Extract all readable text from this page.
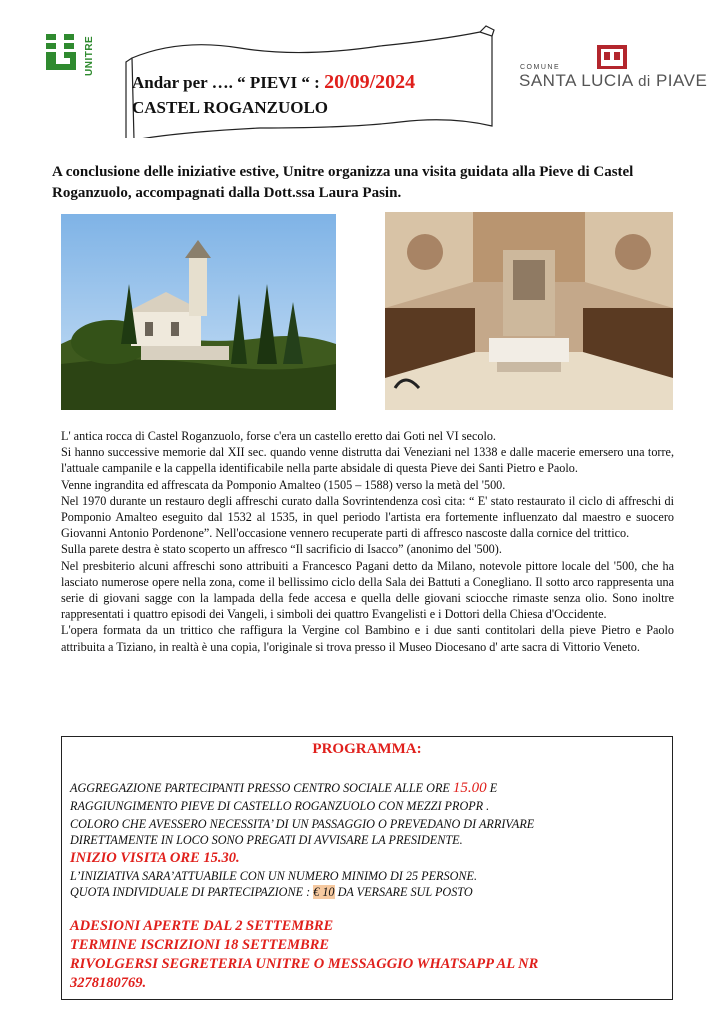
UNITRE
Andar per …. “ PIEVI “ : 20/09/2024
CASTEL ROGANZUOLO
COMUNE
SANTA LUCIA di PIAVE
A conclusione delle iniziative estive, Unitre organizza una visita guidata alla Pieve di Castel Roganzuolo, accompagnati dalla Dott.ssa Laura Pasin.

L' antica rocca di Castel Roganzuolo, forse c'era un castello eretto dai Goti nel VI secolo.

Si hanno successive memorie dal XII sec. quando venne distrutta dai Veneziani nel 1338 e dalle macerie emersero una torre, l'attuale campanile e la cappella identificabile nella parte absidale di questa Pieve dei Santi Pietro e Paolo.

Venne ingrandita ed affrescata da Pomponio Amalteo (1505 – 1588) verso la metà del '500.

Nel 1970 durante un restauro degli affreschi curato dalla Sovrintendenza così cita: “ E' stato restaurato il ciclo di affreschi di Pomponio Amalteo eseguito dal 1532 al 1535, in quel periodo l'artista era fortemente influenzato dal maestro e suocero Giovanni Antonio Pordenone”. Nell'occasione vennero recuperate parti di affresco nascoste dalla cornice del trittico.

Sulla parete destra è stato scoperto un affresco “Il sacrificio di Isacco” (anonimo del '500).

Nel presbiterio alcuni affreschi sono attribuiti a Francesco Pagani detto da Milano, notevole pittore locale del '500, che ha lasciato numerose opere nella zona, come il bellissimo ciclo della Sala dei Battuti a Conegliano. Il sotto arco rappresenta una serie di giovani sagge con la lampada della fede accesa e quella delle giovani sciocche rimaste senza olio. Sono inoltre rappresentati i quattro episodi dei Vangeli, i simboli dei quattro Evangelisti e i Dottori della Chiesa d'Occidente.

L'opera formata da un trittico che raffigura la Vergine col Bambino e i due santi contitolari della pieve Pietro e Paolo attribuita a Tiziano, in realtà è una copia, l'originale si trova presso il Museo Diocesano d' arte sacra di Vittorio Veneto.

PROGRAMMA:
AGGREGAZIONE PARTECIPANTI PRESSO CENTRO SOCIALE ALLE ORE 15.00 E
RAGGIUNGIMENTO PIEVE DI CASTELLO ROGANZUOLO CON MEZZI PROPR .
COLORO CHE AVESSERO NECESSITA’ DI UN PASSAGGIO O PREVEDANO DI ARRIVARE
DIRETTAMENTE IN LOCO SONO PREGATI DI AVVISARE LA PRESIDENTE.
INIZIO VISITA ORE 15.30.
L’INIZIATIVA SARA’ATTUABILE CON UN NUMERO MINIMO DI 25 PERSONE.
QUOTA INDIVIDUALE DI PARTECIPAZIONE : € 10 DA VERSARE SUL POSTO
ADESIONI APERTE DAL 2 SETTEMBRE
TERMINE ISCRIZIONI 18 SETTEMBRE
RIVOLGERSI SEGRETERIA UNITRE O MESSAGGIO WHATSAPP AL NR
3278180769.
